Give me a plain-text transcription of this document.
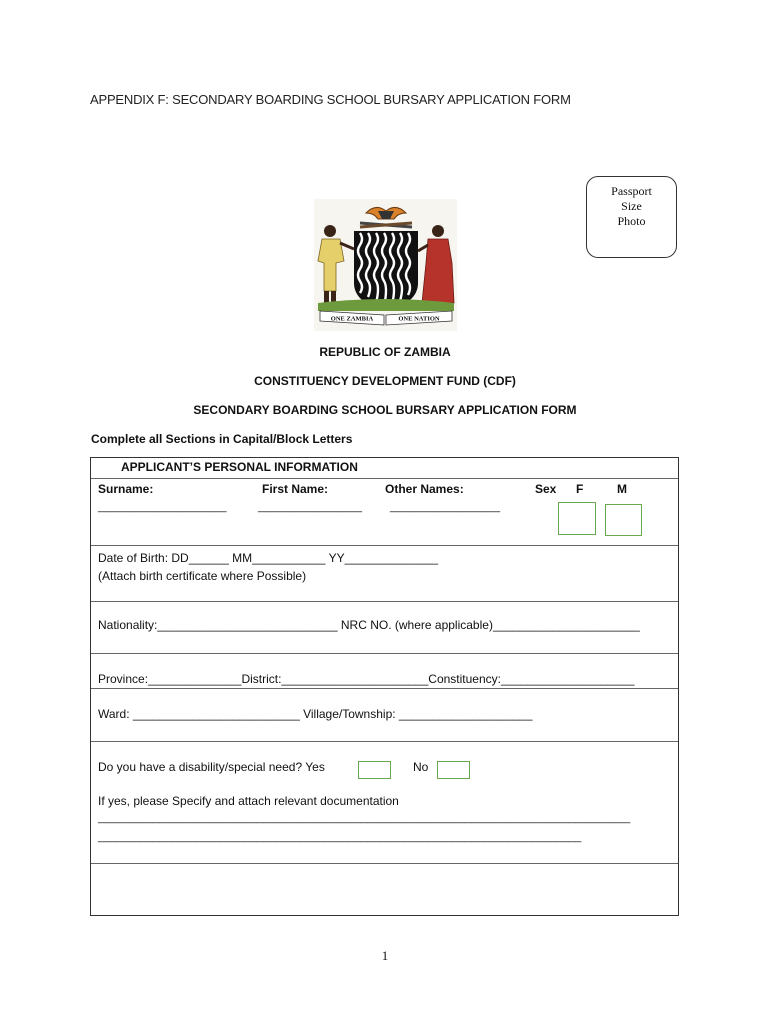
APPENDIX F: SECONDARY BOARDING SCHOOL BURSARY APPLICATION FORM
Passport
Size
Photo
ONE ZAMBIA	ONE NATION
REPUBLIC OF ZAMBIA
CONSTITUENCY DEVELOPMENT FUND (CDF)
SECONDARY BOARDING SCHOOL BURSARY APPLICATION FORM
Complete all Sections in Capital/Block Letters
APPLICANT’S PERSONAL INFORMATION
Surname:	First Name:	Other Names:	Sex F	M
_____________________	_________________	__________________
Date of Birth: DD______ MM___________ YY______________
(Attach birth certificate where Possible)
Nationality:___________________________ NRC NO. (where applicable)______________________
Province:______________District:______________________Constituency:____________________
Ward: _________________________ Village/Township: ____________________
Do you have a disability/special need? Yes	No
If yes, please Specify and attach relevant documentation
_______________________________________________________________________________________
_______________________________________________________________________________
1
